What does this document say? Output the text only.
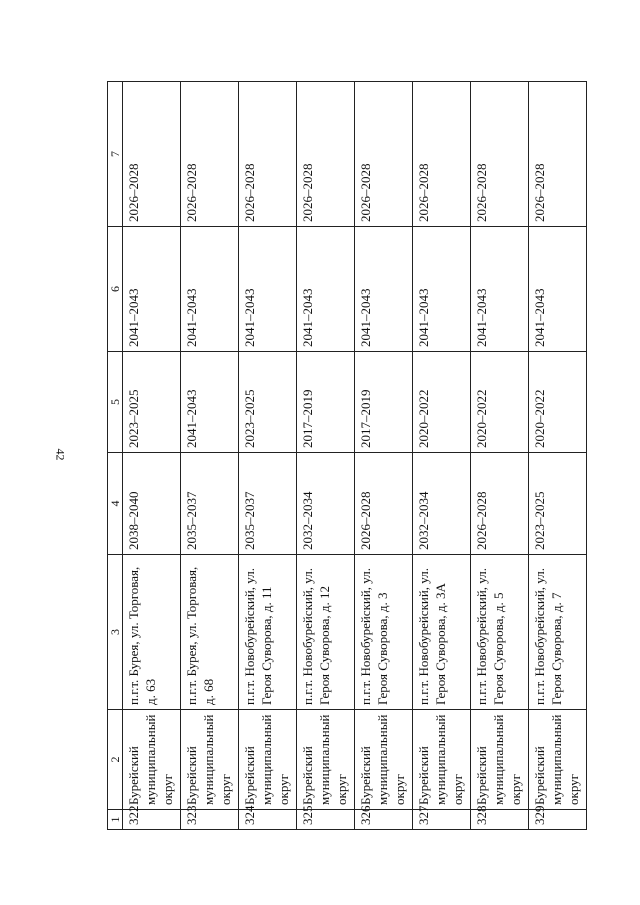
42
1	2	3	4	5	6	7
322	Бурейский муниципальный округ	п.г.т. Бурея, ул. Торговая, д. 63	2038–2040	2023–2025	2041–2043	2026–2028
323	Бурейский муниципальный округ	п.г.т. Бурея, ул. Торговая, д. 68	2035–2037	2041–2043	2041–2043	2026–2028
324	Бурейский муниципальный округ	п.г.т. Новобурейский, ул. Героя Суворова, д. 11	2035–2037	2023–2025	2041–2043	2026–2028
325	Бурейский муниципальный округ	п.г.т. Новобурейский, ул. Героя Суворова, д. 12	2032–2034	2017–2019	2041–2043	2026–2028
326	Бурейский муниципальный округ	п.г.т. Новобурейский, ул. Героя Суворова, д. 3	2026–2028	2017–2019	2041–2043	2026–2028
327	Бурейский муниципальный округ	п.г.т. Новобурейский, ул. Героя Суворова, д. 3А	2032–2034	2020–2022	2041–2043	2026–2028
328	Бурейский муниципальный округ	п.г.т. Новобурейский, ул. Героя Суворова, д. 5	2026–2028	2020–2022	2041–2043	2026–2028
329	Бурейский муниципальный округ	п.г.т. Новобурейский, ул. Героя Суворова, д. 7	2023–2025	2020–2022	2041–2043	2026–2028
